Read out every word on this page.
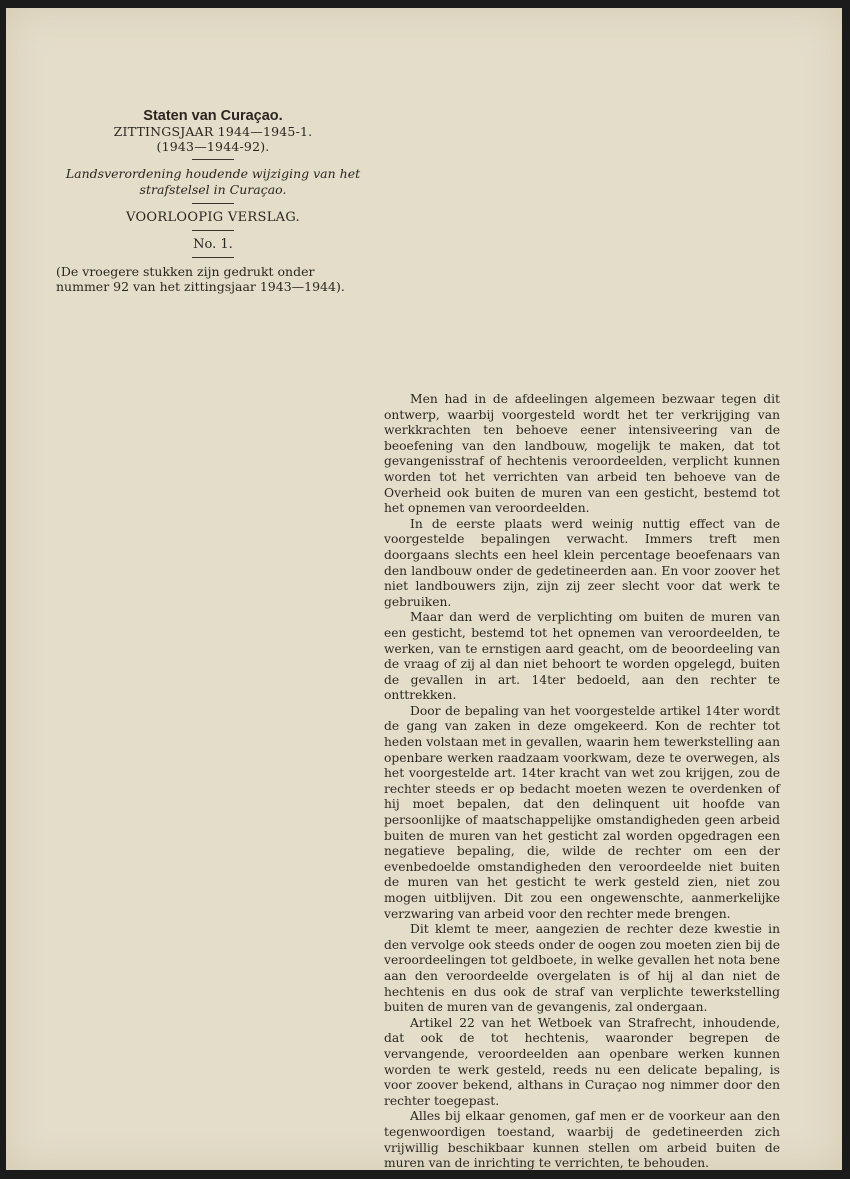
Staten van Curaçao.
ZITTINGSJAAR 1944—1945-1.
(1943—1944-92).
Landsverordening houdende wijziging van het strafstelsel in Curaçao.
VOORLOOPIG VERSLAG.
No. 1.
(De vroegere stukken zijn gedrukt onder nummer 92 van het zittingsjaar 1943—1944).

Men had in de afdeelingen algemeen bezwaar tegen dit ontwerp, waarbij voorgesteld wordt het ter verkrijging van werkkrachten ten behoeve eener intensiveering van de beoefening van den landbouw, mogelijk te maken, dat tot gevangenisstraf of hechtenis veroordeelden, verplicht kunnen worden tot het verrichten van arbeid ten behoeve van de Overheid ook buiten de muren van een gesticht, bestemd tot het opnemen van veroordeelden.

In de eerste plaats werd weinig nuttig effect van de voorgestelde bepalingen verwacht. Immers treft men doorgaans slechts een heel klein percentage beoefenaars van den landbouw onder de gedetineerden aan. En voor zoover het niet landbouwers zijn, zijn zij zeer slecht voor dat werk te gebruiken.

Maar dan werd de verplichting om buiten de muren van een gesticht, bestemd tot het opnemen van veroordeelden, te werken, van te ernstigen aard geacht, om de beoordeeling van de vraag of zij al dan niet behoort te worden opgelegd, buiten de gevallen in art. 14ter bedoeld, aan den rechter te onttrekken.

Door de bepaling van het voorgestelde artikel 14ter wordt de gang van zaken in deze omgekeerd. Kon de rechter tot heden volstaan met in gevallen, waarin hem tewerkstelling aan openbare werken raadzaam voorkwam, deze te overwegen, als het voorgestelde art. 14ter kracht van wet zou krijgen, zou de rechter steeds er op bedacht moeten wezen te overdenken of hij moet bepalen, dat den delinquent uit hoofde van persoonlijke of maatschappelijke omstandigheden geen arbeid buiten de muren van het gesticht zal worden opgedragen een negatieve bepaling, die, wilde de rechter om een der evenbedoelde omstandigheden den veroordeelde niet buiten de muren van het gesticht te werk gesteld zien, niet zou mogen uitblijven. Dit zou een ongewenschte, aanmerkelijke verzwaring van arbeid voor den rechter mede brengen.

Dit klemt te meer, aangezien de rechter deze kwestie in den vervolge ook steeds onder de oogen zou moeten zien bij de veroordeelingen tot geldboete, in welke gevallen het nota bene aan den veroordeelde overgelaten is of hij al dan niet de hechtenis en dus ook de straf van verplichte tewerkstelling buiten de muren van de gevangenis, zal ondergaan.

Artikel 22 van het Wetboek van Strafrecht, inhoudende, dat ook de tot hechtenis, waaronder begrepen de vervangende, veroordeelden aan openbare werken kunnen worden te werk gesteld, reeds nu een delicate bepaling, is voor zoover bekend, althans in Curaçao nog nimmer door den rechter toegepast.

Alles bij elkaar genomen, gaf men er de voorkeur aan den tegenwoordigen toestand, waarbij de gedetineerden zich vrijwillig beschikbaar kunnen stellen om arbeid buiten de muren van de inrichting te verrichten, te behouden.
